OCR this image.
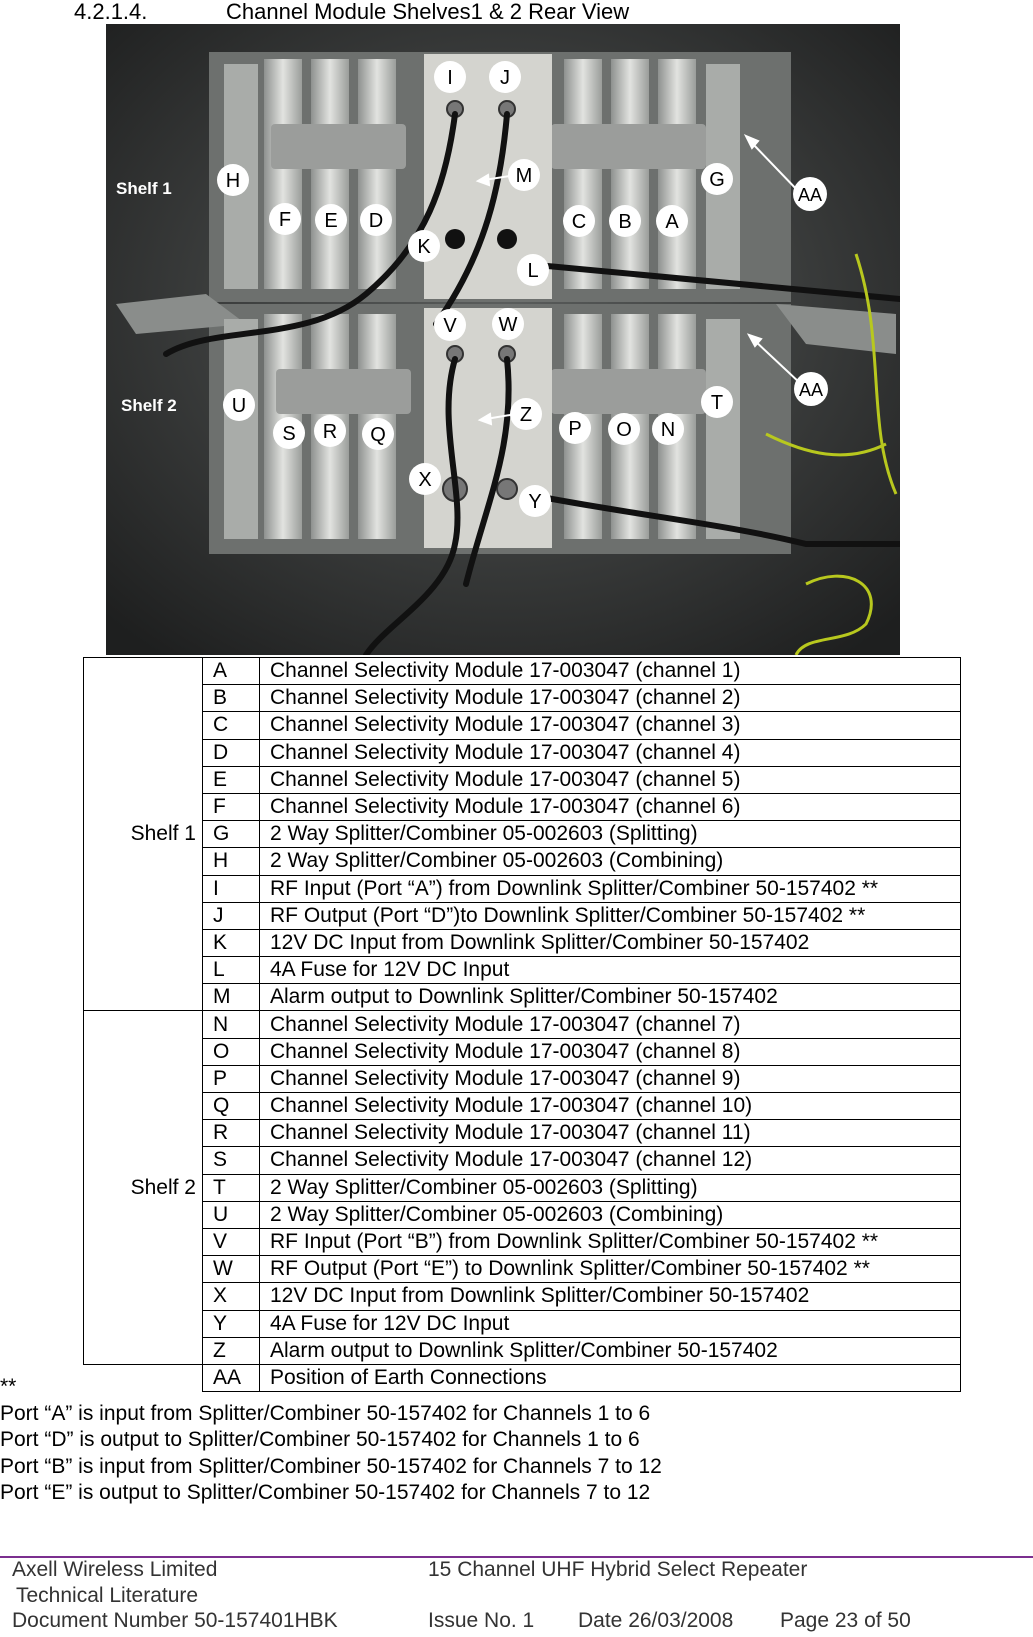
4.2.1.4.	Channel Module Shelves1 & 2 Rear View
Shelf 1
Shelf 2
I J
M
H	G
AA
F E D	C B A
K
L
V W
U	T
AA
Z
S R Q	P O N
X
Y
Shelf 1	A	Channel Selectivity Module 17-003047 (channel 1)
	B	Channel Selectivity Module 17-003047 (channel 2)
	C	Channel Selectivity Module 17-003047 (channel 3)
	D	Channel Selectivity Module 17-003047 (channel 4)
	E	Channel Selectivity Module 17-003047 (channel 5)
	F	Channel Selectivity Module 17-003047 (channel 6)
	G	2 Way Splitter/Combiner 05-002603 (Splitting)
	H	2 Way Splitter/Combiner 05-002603 (Combining)
	I	RF Input (Port “A”) from Downlink Splitter/Combiner 50-157402 **
	J	RF Output (Port “D”)to Downlink Splitter/Combiner 50-157402 **
	K	12V DC Input from Downlink Splitter/Combiner 50-157402
	L	4A Fuse for 12V DC Input
	M	Alarm output to Downlink Splitter/Combiner 50-157402
Shelf 2	N	Channel Selectivity Module 17-003047 (channel 7)
	O	Channel Selectivity Module 17-003047 (channel 8)
	P	Channel Selectivity Module 17-003047 (channel 9)
	Q	Channel Selectivity Module 17-003047 (channel 10)
	R	Channel Selectivity Module 17-003047 (channel 11)
	S	Channel Selectivity Module 17-003047 (channel 12)
	T	2 Way Splitter/Combiner 05-002603 (Splitting)
	U	2 Way Splitter/Combiner 05-002603 (Combining)
	V	RF Input (Port “B”) from Downlink Splitter/Combiner 50-157402 **
	W	RF Output (Port “E”) to Downlink Splitter/Combiner 50-157402 **
	X	12V DC Input from Downlink Splitter/Combiner 50-157402
	Y	4A Fuse for 12V DC Input
	Z	Alarm output to Downlink Splitter/Combiner 50-157402
	AA	Position of Earth Connections
**
Port “A” is input from Splitter/Combiner 50-157402 for Channels 1 to 6
Port “D” is output to Splitter/Combiner 50-157402 for Channels 1 to 6
Port “B” is input from Splitter/Combiner 50-157402 for Channels 7 to 12
Port “E” is output to Splitter/Combiner 50-157402 for Channels 7 to 12
Axell Wireless Limited
Technical Literature
Document Number 50-157401HBK
15 Channel UHF Hybrid Select Repeater
Issue No. 1 Date 26/03/2008 Page 23 of 50
